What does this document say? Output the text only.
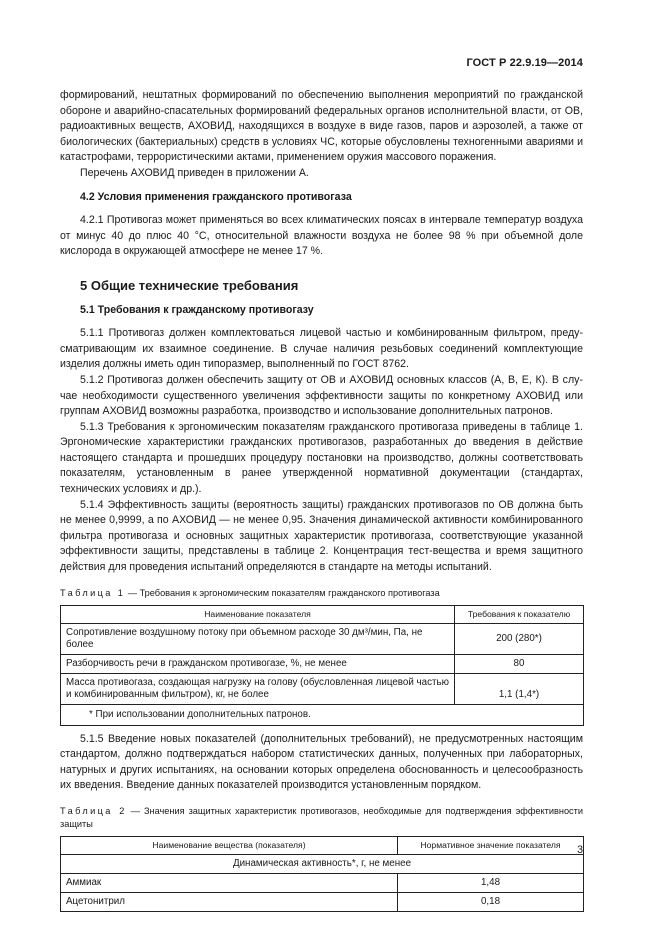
ГОСТ Р 22.9.19—2014

формирований, нештатных формирований по обеспечению выполнения мероприятий по гражданской обороне и аварийно-спасательных формирований федеральных органов исполнительной власти, от ОВ, радиоактивных веществ, АХОВИД, находящихся в воздухе в виде газов, паров и аэрозолей, а также от биологических (бактериальных) средств в условиях ЧС, которые обусловлены техногенными авариями и катастрофами, террористическими актами, применением оружия массового поражения.

Перечень АХОВИД приведен в приложении А.

4.2 Условия применения гражданского противогаза

4.2.1 Противогаз может применяться во всех климатических поясах в интервале температур воздуха от минус 40 до плюс 40 °С, относительной влажности воздуха не более 98 % при объемной доле кислорода в окружающей атмосфере не менее 17 %.

5 Общие технические требования
5.1 Требования к гражданскому противогазу

5.1.1 Противогаз должен комплектоваться лицевой частью и комбинированным фильтром, предусматривающим их взаимное соединение. В случае наличия резьбовых соединений комплектующие изделия должны иметь один типоразмер, выполненный по ГОСТ 8762.

5.1.2 Противогаз должен обеспечить защиту от ОВ и АХОВИД основных классов (А, В, Е, К). В случае необходимости существенного увеличения эффективности защиты по конкретному АХОВИД или группам АХОВИД возможны разработка, производство и использование дополнительных патронов.

5.1.3 Требования к эргономическим показателям гражданского противогаза приведены в таблице 1. Эргономические характеристики гражданских противогазов, разработанных до введения в действие настоящего стандарта и прошедших процедуру постановки на производство, должны соответствовать показателям, установленным в ранее утвержденной нормативной документации (стандартах, технических условиях и др.).

5.1.4 Эффективность защиты (вероятность защиты) гражданских противогазов по ОВ должна быть не менее 0,9999, а по АХОВИД — не менее 0,95. Значения динамической активности комбинированного фильтра противогаза и основных защитных характеристик противогаза, соответствующие указанной эффективности защиты, представлены в таблице 2. Концентрация тест-вещества и время защитного действия для проведения испытаний определяются в стандарте на методы испытаний.

Таблица 1 — Требования к эргономическим показателям гражданского противогаза
Наименование показателя	Требования к показателю
Сопротивление воздушному потоку при объемном расходе 30 дм³/мин, Па, не более	200 (280*)
Разборчивость речи в гражданском противогазе, %, не менее	80
Масса противогаза, создающая нагрузку на голову (обусловленная лицевой частью и комбинированным фильтром), кг, не более	1,1 (1,4*)
* При использовании дополнительных патронов.	

5.1.5 Введение новых показателей (дополнительных требований), не предусмотренных настоящим стандартом, должно подтверждаться набором статистических данных, полученных при лабораторных, натурных и других испытаниях, на основании которых определена обоснованность и целесообразность их введения. Введение данных показателей производится установленным порядком.

Таблица 2 — Значения защитных характеристик противогазов, необходимые для подтверждения эффективности защиты
Наименование вещества (показателя)	Нормативное значение показателя
Динамическая активность*, г, не менее	
Аммиак	1,48
Ацетонитрил	0,18
3
